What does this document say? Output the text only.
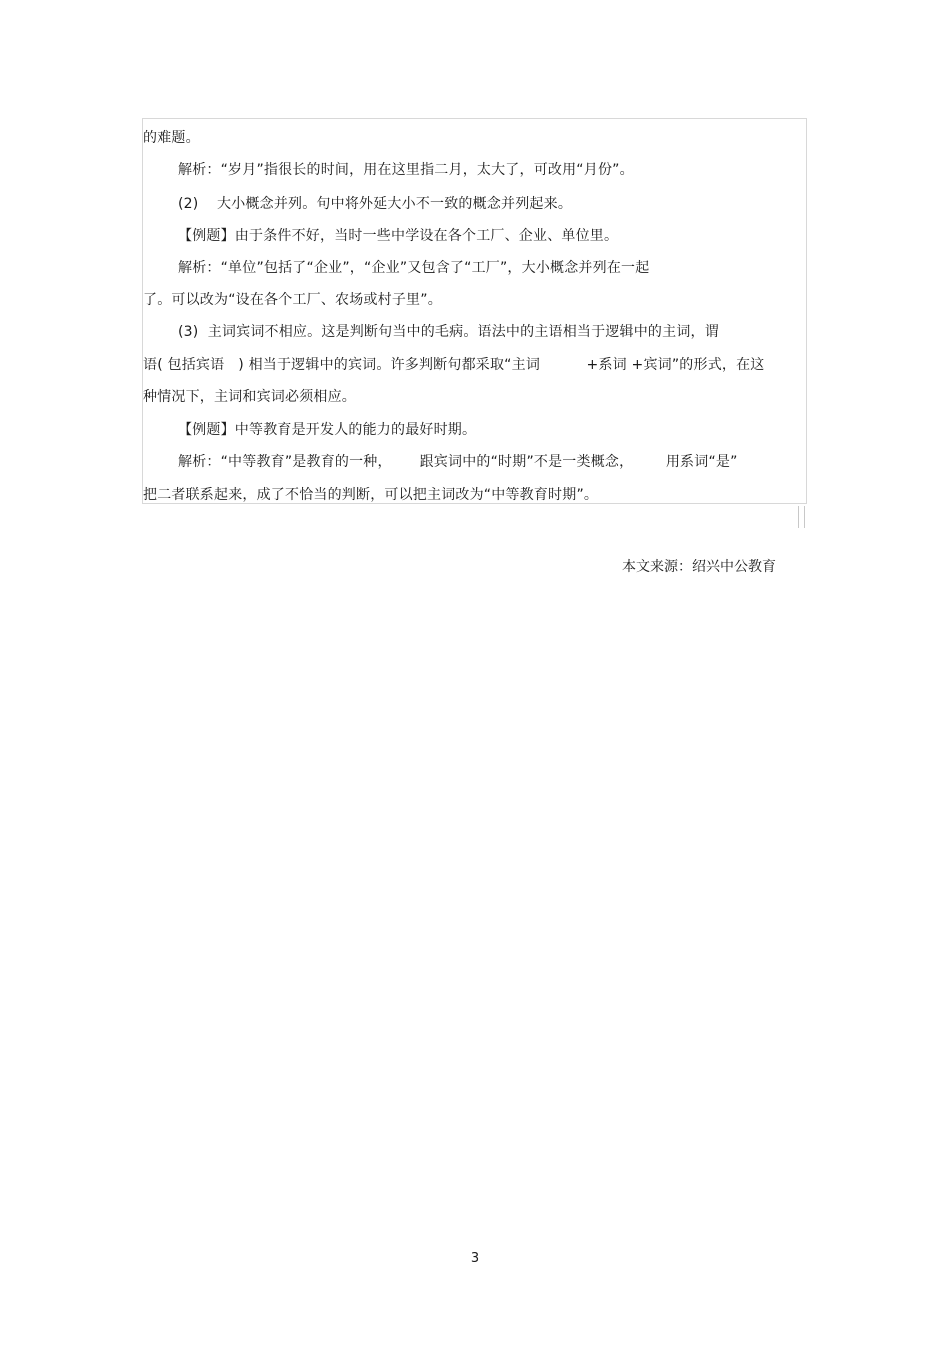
的难题。
解析：“岁月”指很长的时间，用在这里指二月，太大了，可改用“月份”。
(2)    大小概念并列。句中将外延大小不一致的概念并列起来。
【例题】由于条件不好，当时一些中学设在各个工厂、企业、单位里。
解析：“单位”包括了“企业”，“企业”又包含了“工厂”，大小概念并列在一起
了。可以改为“设在各个工厂、农场或村子里”。
(3)  主词宾词不相应。这是判断句当中的毛病。语法中的主语相当于逻辑中的主词，谓
语( 包括宾语   ) 相当于逻辑中的宾词。许多判断句都采取“主词          +系词 +宾词”的形式，在这
种情况下，主词和宾词必须相应。
【例题】中等教育是开发人的能力的最好时期。
解析：“中等教育”是教育的一种，      跟宾词中的“时期”不是一类概念，       用系词“是”
把二者联系起来，成了不恰当的判断，可以把主词改为“中等教育时期”。
本文来源：绍兴中公教育
3
